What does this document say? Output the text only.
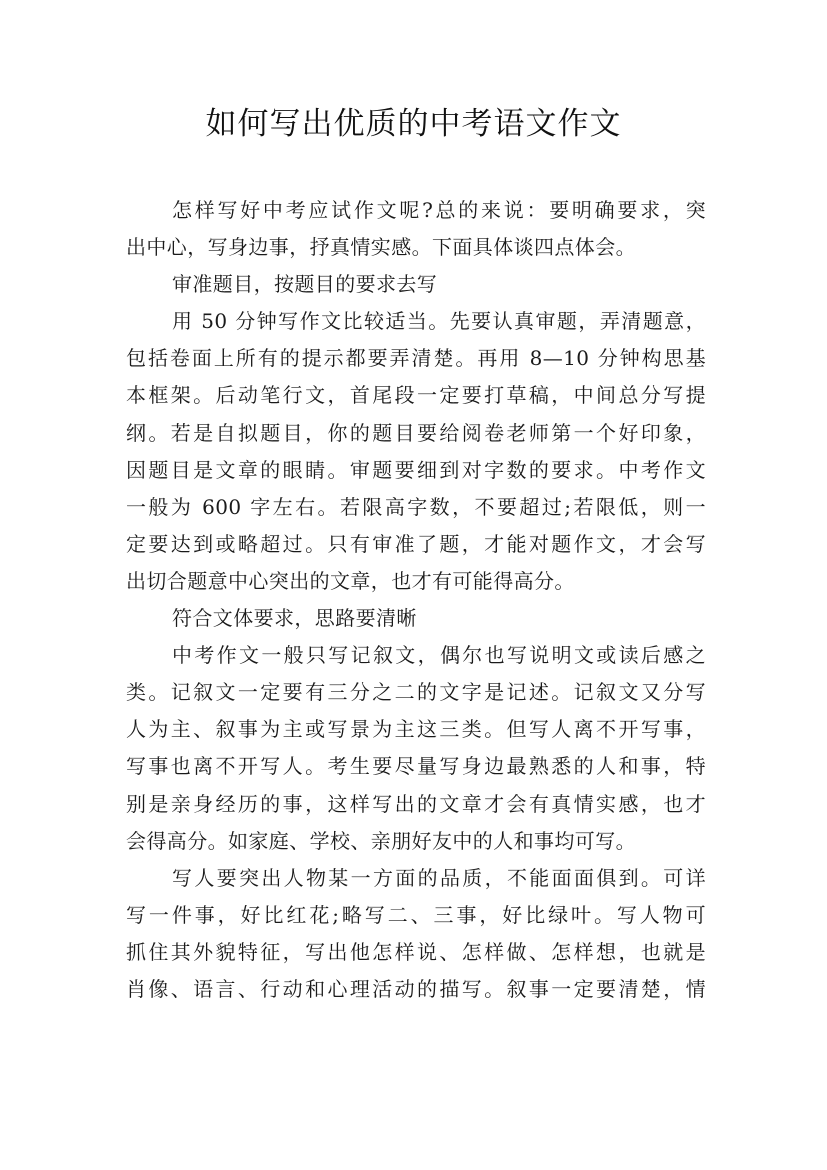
如何写出优质的中考语文作文
怎样写好中考应试作文呢?总的来说：要明确要求，突
出中心，写身边事，抒真情实感。下面具体谈四点体会。
审准题目，按题目的要求去写
用 50 分钟写作文比较适当。先要认真审题，弄清题意，
包括卷面上所有的提示都要弄清楚。再用 8—10 分钟构思基
本框架。后动笔行文，首尾段一定要打草稿，中间总分写提
纲。若是自拟题目，你的题目要给阅卷老师第一个好印象，
因题目是文章的眼睛。审题要细到对字数的要求。中考作文
一般为 600 字左右。若限高字数，不要超过;若限低，则一
定要达到或略超过。只有审准了题，才能对题作文，才会写
出切合题意中心突出的文章，也才有可能得高分。
符合文体要求，思路要清晰
中考作文一般只写记叙文，偶尔也写说明文或读后感之
类。记叙文一定要有三分之二的文字是记述。记叙文又分写
人为主、叙事为主或写景为主这三类。但写人离不开写事，
写事也离不开写人。考生要尽量写身边最熟悉的人和事，特
别是亲身经历的事，这样写出的文章才会有真情实感，也才
会得高分。如家庭、学校、亲朋好友中的人和事均可写。
写人要突出人物某一方面的品质，不能面面俱到。可详
写一件事，好比红花;略写二、三事，好比绿叶。写人物可
抓住其外貌特征，写出他怎样说、怎样做、怎样想，也就是
肖像、语言、行动和心理活动的描写。叙事一定要清楚，情
